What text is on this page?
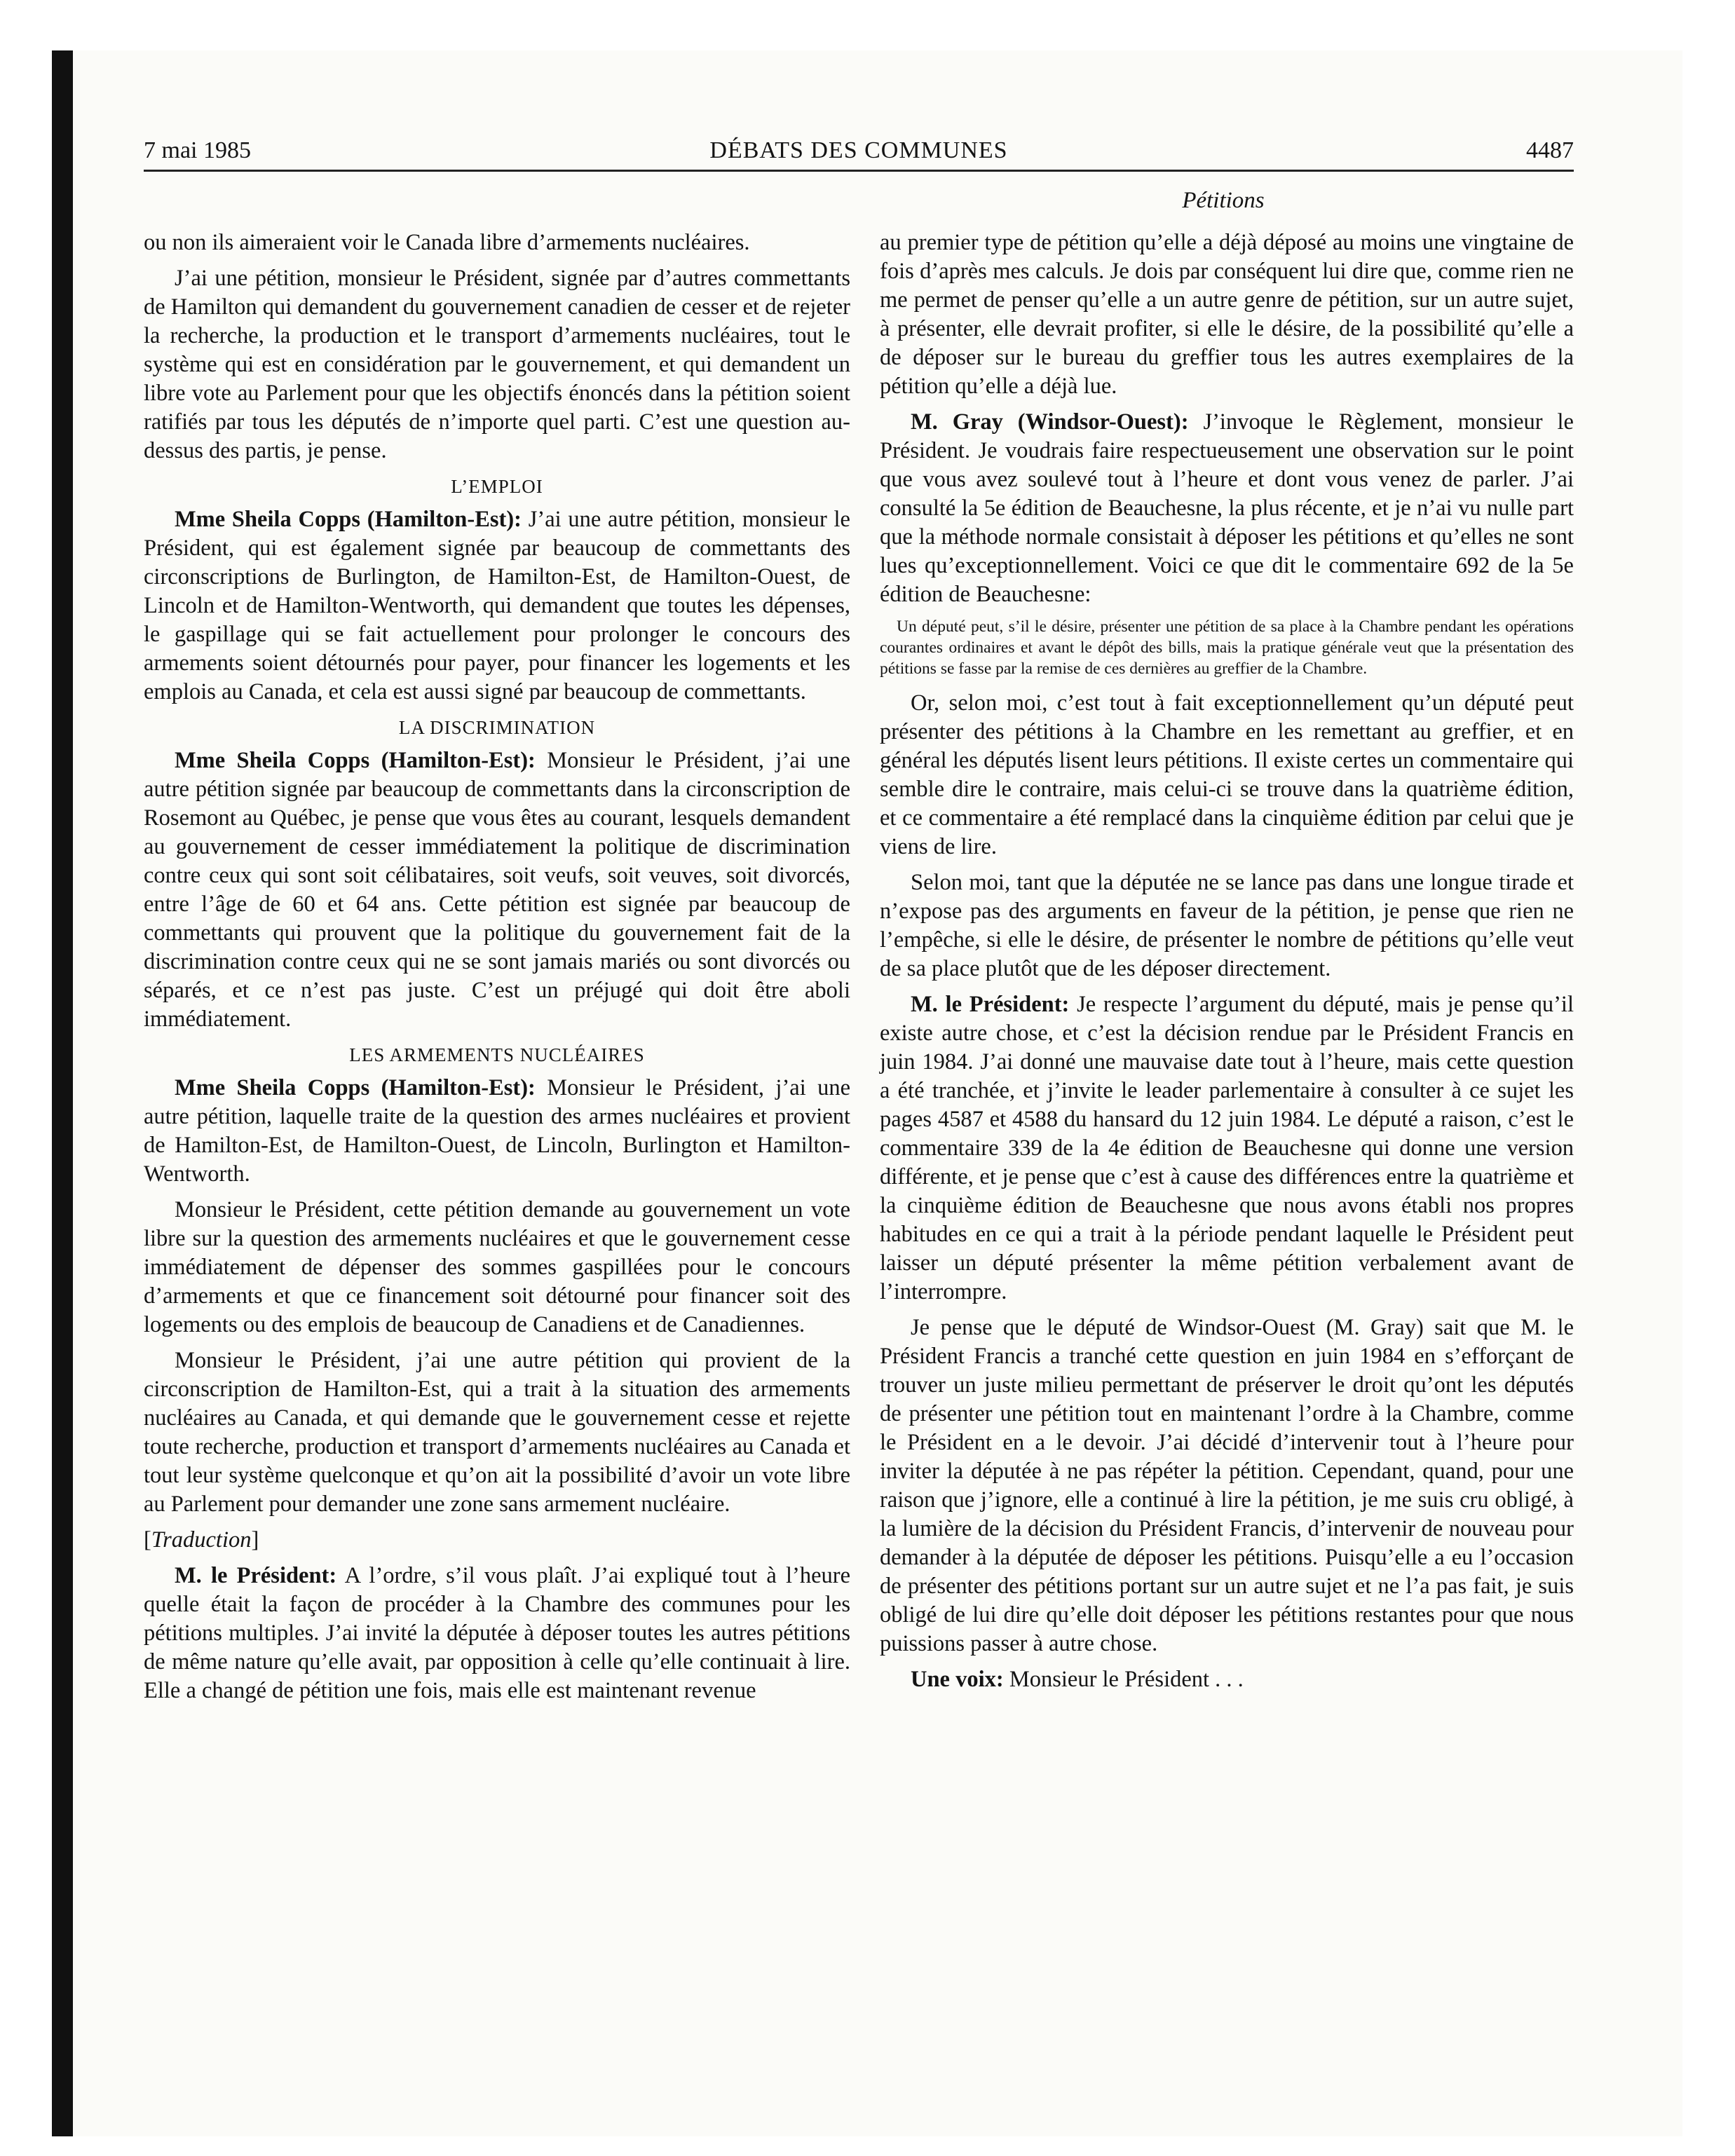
7 mai 1985	DÉBATS DES COMMUNES	4487
Pétitions

ou non ils aimeraient voir le Canada libre d’armements nucléaires.

J’ai une pétition, monsieur le Président, signée par d’autres commettants de Hamilton qui demandent du gouvernement canadien de cesser et de rejeter la recherche, la production et le transport d’armements nucléaires, tout le système qui est en considération par le gouvernement, et qui demandent un libre vote au Parlement pour que les objectifs énoncés dans la pétition soient ratifiés par tous les députés de n’importe quel parti. C’est une question au-dessus des partis, je pense.

L’EMPLOI

Mme Sheila Copps (Hamilton-Est): J’ai une autre pétition, monsieur le Président, qui est également signée par beaucoup de commettants des circonscriptions de Burlington, de Hamilton-Est, de Hamilton-Ouest, de Lincoln et de Hamilton-Wentworth, qui demandent que toutes les dépenses, le gaspillage qui se fait actuellement pour prolonger le concours des armements soient détournés pour payer, pour financer les logements et les emplois au Canada, et cela est aussi signé par beaucoup de commettants.

LA DISCRIMINATION

Mme Sheila Copps (Hamilton-Est): Monsieur le Président, j’ai une autre pétition signée par beaucoup de commettants dans la circonscription de Rosemont au Québec, je pense que vous êtes au courant, lesquels demandent au gouvernement de cesser immédiatement la politique de discrimination contre ceux qui sont soit célibataires, soit veufs, soit veuves, soit divorcés, entre l’âge de 60 et 64 ans. Cette pétition est signée par beaucoup de commettants qui prouvent que la politique du gouvernement fait de la discrimination contre ceux qui ne se sont jamais mariés ou sont divorcés ou séparés, et ce n’est pas juste. C’est un préjugé qui doit être aboli immédiatement.

LES ARMEMENTS NUCLÉAIRES

Mme Sheila Copps (Hamilton-Est): Monsieur le Président, j’ai une autre pétition, laquelle traite de la question des armes nucléaires et provient de Hamilton-Est, de Hamilton-Ouest, de Lincoln, Burlington et Hamilton-Wentworth.

Monsieur le Président, cette pétition demande au gouvernement un vote libre sur la question des armements nucléaires et que le gouvernement cesse immédiatement de dépenser des sommes gaspillées pour le concours d’armements et que ce financement soit détourné pour financer soit des logements ou des emplois de beaucoup de Canadiens et de Canadiennes.

Monsieur le Président, j’ai une autre pétition qui provient de la circonscription de Hamilton-Est, qui a trait à la situation des armements nucléaires au Canada, et qui demande que le gouvernement cesse et rejette toute recherche, production et transport d’armements nucléaires au Canada et tout leur système quelconque et qu’on ait la possibilité d’avoir un vote libre au Parlement pour demander une zone sans armement nucléaire.

[Traduction]

M. le Président: A l’ordre, s’il vous plaît. J’ai expliqué tout à l’heure quelle était la façon de procéder à la Chambre des communes pour les pétitions multiples. J’ai invité la députée à déposer toutes les autres pétitions de même nature qu’elle avait, par opposition à celle qu’elle continuait à lire. Elle a changé de pétition une fois, mais elle est maintenant revenue

au premier type de pétition qu’elle a déjà déposé au moins une vingtaine de fois d’après mes calculs. Je dois par conséquent lui dire que, comme rien ne me permet de penser qu’elle a un autre genre de pétition, sur un autre sujet, à présenter, elle devrait profiter, si elle le désire, de la possibilité qu’elle a de déposer sur le bureau du greffier tous les autres exemplaires de la pétition qu’elle a déjà lue.

M. Gray (Windsor-Ouest): J’invoque le Règlement, monsieur le Président. Je voudrais faire respectueusement une observation sur le point que vous avez soulevé tout à l’heure et dont vous venez de parler. J’ai consulté la 5e édition de Beauchesne, la plus récente, et je n’ai vu nulle part que la méthode normale consistait à déposer les pétitions et qu’elles ne sont lues qu’exceptionnellement. Voici ce que dit le commentaire 692 de la 5e édition de Beauchesne:

Un député peut, s’il le désire, présenter une pétition de sa place à la Chambre pendant les opérations courantes ordinaires et avant le dépôt des bills, mais la pratique générale veut que la présentation des pétitions se fasse par la remise de ces dernières au greffier de la Chambre.

Or, selon moi, c’est tout à fait exceptionnellement qu’un député peut présenter des pétitions à la Chambre en les remettant au greffier, et en général les députés lisent leurs pétitions. Il existe certes un commentaire qui semble dire le contraire, mais celui-ci se trouve dans la quatrième édition, et ce commentaire a été remplacé dans la cinquième édition par celui que je viens de lire.

Selon moi, tant que la députée ne se lance pas dans une longue tirade et n’expose pas des arguments en faveur de la pétition, je pense que rien ne l’empêche, si elle le désire, de présenter le nombre de pétitions qu’elle veut de sa place plutôt que de les déposer directement.

M. le Président: Je respecte l’argument du député, mais je pense qu’il existe autre chose, et c’est la décision rendue par le Président Francis en juin 1984. J’ai donné une mauvaise date tout à l’heure, mais cette question a été tranchée, et j’invite le leader parlementaire à consulter à ce sujet les pages 4587 et 4588 du hansard du 12 juin 1984. Le député a raison, c’est le commentaire 339 de la 4e édition de Beauchesne qui donne une version différente, et je pense que c’est à cause des différences entre la quatrième et la cinquième édition de Beauchesne que nous avons établi nos propres habitudes en ce qui a trait à la période pendant laquelle le Président peut laisser un député présenter la même pétition verbalement avant de l’interrompre.

Je pense que le député de Windsor-Ouest (M. Gray) sait que M. le Président Francis a tranché cette question en juin 1984 en s’efforçant de trouver un juste milieu permettant de préserver le droit qu’ont les députés de présenter une pétition tout en maintenant l’ordre à la Chambre, comme le Président en a le devoir. J’ai décidé d’intervenir tout à l’heure pour inviter la députée à ne pas répéter la pétition. Cependant, quand, pour une raison que j’ignore, elle a continué à lire la pétition, je me suis cru obligé, à la lumière de la décision du Président Francis, d’intervenir de nouveau pour demander à la députée de déposer les pétitions. Puisqu’elle a eu l’occasion de présenter des pétitions portant sur un autre sujet et ne l’a pas fait, je suis obligé de lui dire qu’elle doit déposer les pétitions restantes pour que nous puissions passer à autre chose.

Une voix: Monsieur le Président . . .
